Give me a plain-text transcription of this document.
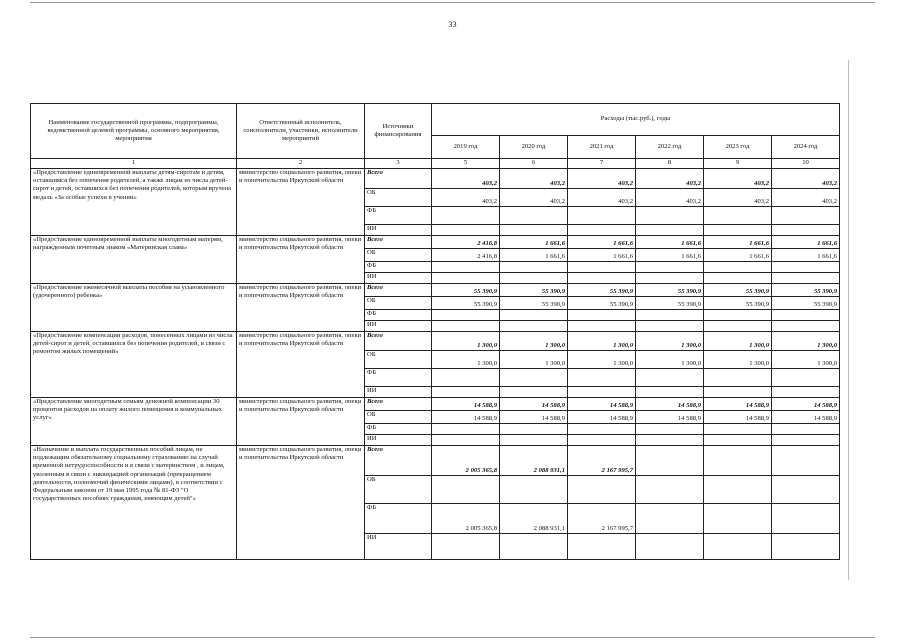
33
Наименование государственной программы, подпрограммы, ведомственной целевой программы, основного мероприятия, мероприятия	Ответственный исполнитель, соисполнители, участники, исполнители мероприятий	Источники финансирования	Расходы (тыс.руб.), годы					
			2019 год	2020 год	2021 год	2022 год	2023 год	2024 год
1	2	3	5	6	7	8	9	10
«Предоставление единовременной выплаты детям-сиротам и детям, оставшимся без попечения родителей, а также лицам из числа детей-сирот и детей, оставшихся без попечения родителей, которым вручена медаль «За особые успехи в учении»	министерство социального развития, опеки и попечительства Иркутской области	Всего	403,2	403,2	403,2	403,2	403,2	403,2
		ОБ	403,2	403,2	403,2	403,2	403,2	403,2
		ФБ						
		ИИ						
«Предоставление единовременной выплаты многодетным матерям, награжденным почетным знаком «Материнская слава»	министерство социального развития, опеки и попечительства Иркутской области	Всего	2 416,8	1 661,6	1 661,6	1 661,6	1 661,6	1 661,6
		ОБ	2 416,8	1 661,6	1 661,6	1 661,6	1 661,6	1 661,6
		ФБ						
		ИИ						
«Предоставление ежемесячной выплаты пособия на усыновленного (удочеренного) ребенка»	министерство социального развития, опеки и попечительства Иркутской области	Всего	55 390,9	55 390,9	55 390,9	55 390,9	55 390,9	55 390,9
		ОБ	55 390,9	55 390,9	55 390,9	55 390,9	55 390,9	55 390,9
		ФБ						
		ИИ						
«Предоставление компенсации расходов, понесенных лицами из числа детей-сирот и детей, оставшихся без попечения родителей, в связи с ремонтом жилых помещений»	министерство социального развития, опеки и попечительства Иркутской области	Всего	1 300,0	1 300,0	1 300,0	1 300,0	1 300,0	1 300,0
		ОБ	1 300,0	1 300,0	1 300,0	1 300,0	1 300,0	1 300,0
		ФБ						
		ИИ						
«Предоставление многодетным семьям денежной компенсации 30 процентов расходов на оплату жилого помещения и коммунальных услуг»	министерство социального развития, опеки и попечительства Иркутской области	Всего	14 588,9	14 588,9	14 588,9	14 588,9	14 588,9	14 588,9
		ОБ	14 588,9	14 588,9	14 588,9	14 588,9	14 588,9	14 588,9
		ФБ						
		ИИ						
«Назначение и выплата государственных пособий лицам, не подлежащим обязательному социальному страхованию на случай временной нетрудоспособности и в связи с материнством , и лицам, уволенным в связи с ликвидацией организаций (прекращением деятельности, полномочий физическими лицами), в соответствии с Федеральным законом от 19 мая 1995 года № 81-ФЗ "О государственных пособиях гражданам, имеющим детей"»	министерство социального развития, опеки и попечительства Иркутской области	Всего	2 005 365,8	2 088 931,1	2 167 995,7			
		ОБ						
		ФБ	2 005 365,8	2 088 931,1	2 167 995,7			
		ИИ						
